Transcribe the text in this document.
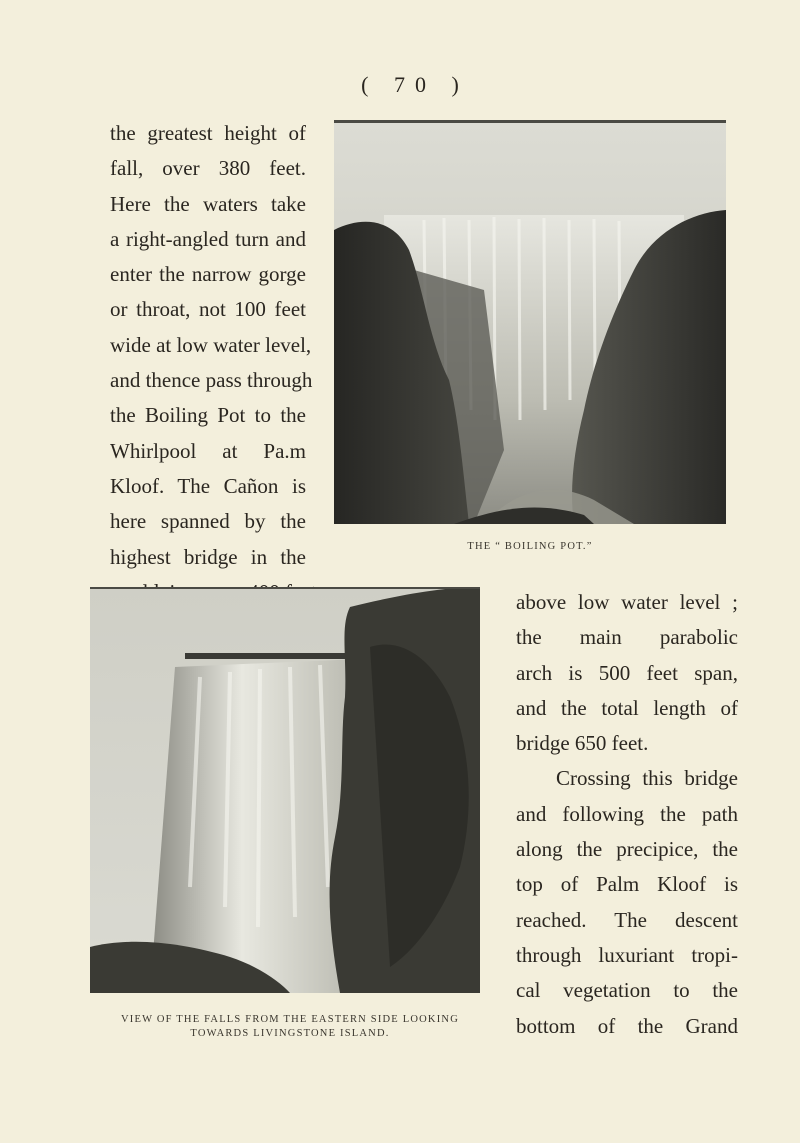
( 70 )
the greatest height of
fall, over 380 feet.
Here the waters take
a right-angled turn and
enter the narrow gorge
or throat, not 100 feet
wide at low water level,
and thence pass through
the Boiling Pot to the
Whirlpool at Pa.m
Kloof. The Cañon is
here spanned by the
highest bridge in the	THE “ BOILING POT.”
VIEW OF THE FALLS FROM THE EASTERN SIDE LOOKING
TOWARDS LIVINGSTONE ISLAND.
above low water level ;
the main parabolic
arch is 500 feet span,
and the total length of
bridge 650 feet.
Crossing this bridge
and following the path
along the precipice, the
top of Palm Kloof is
reached. The descent
through luxuriant tropi-
cal vegetation to the
bottom of the Grand
